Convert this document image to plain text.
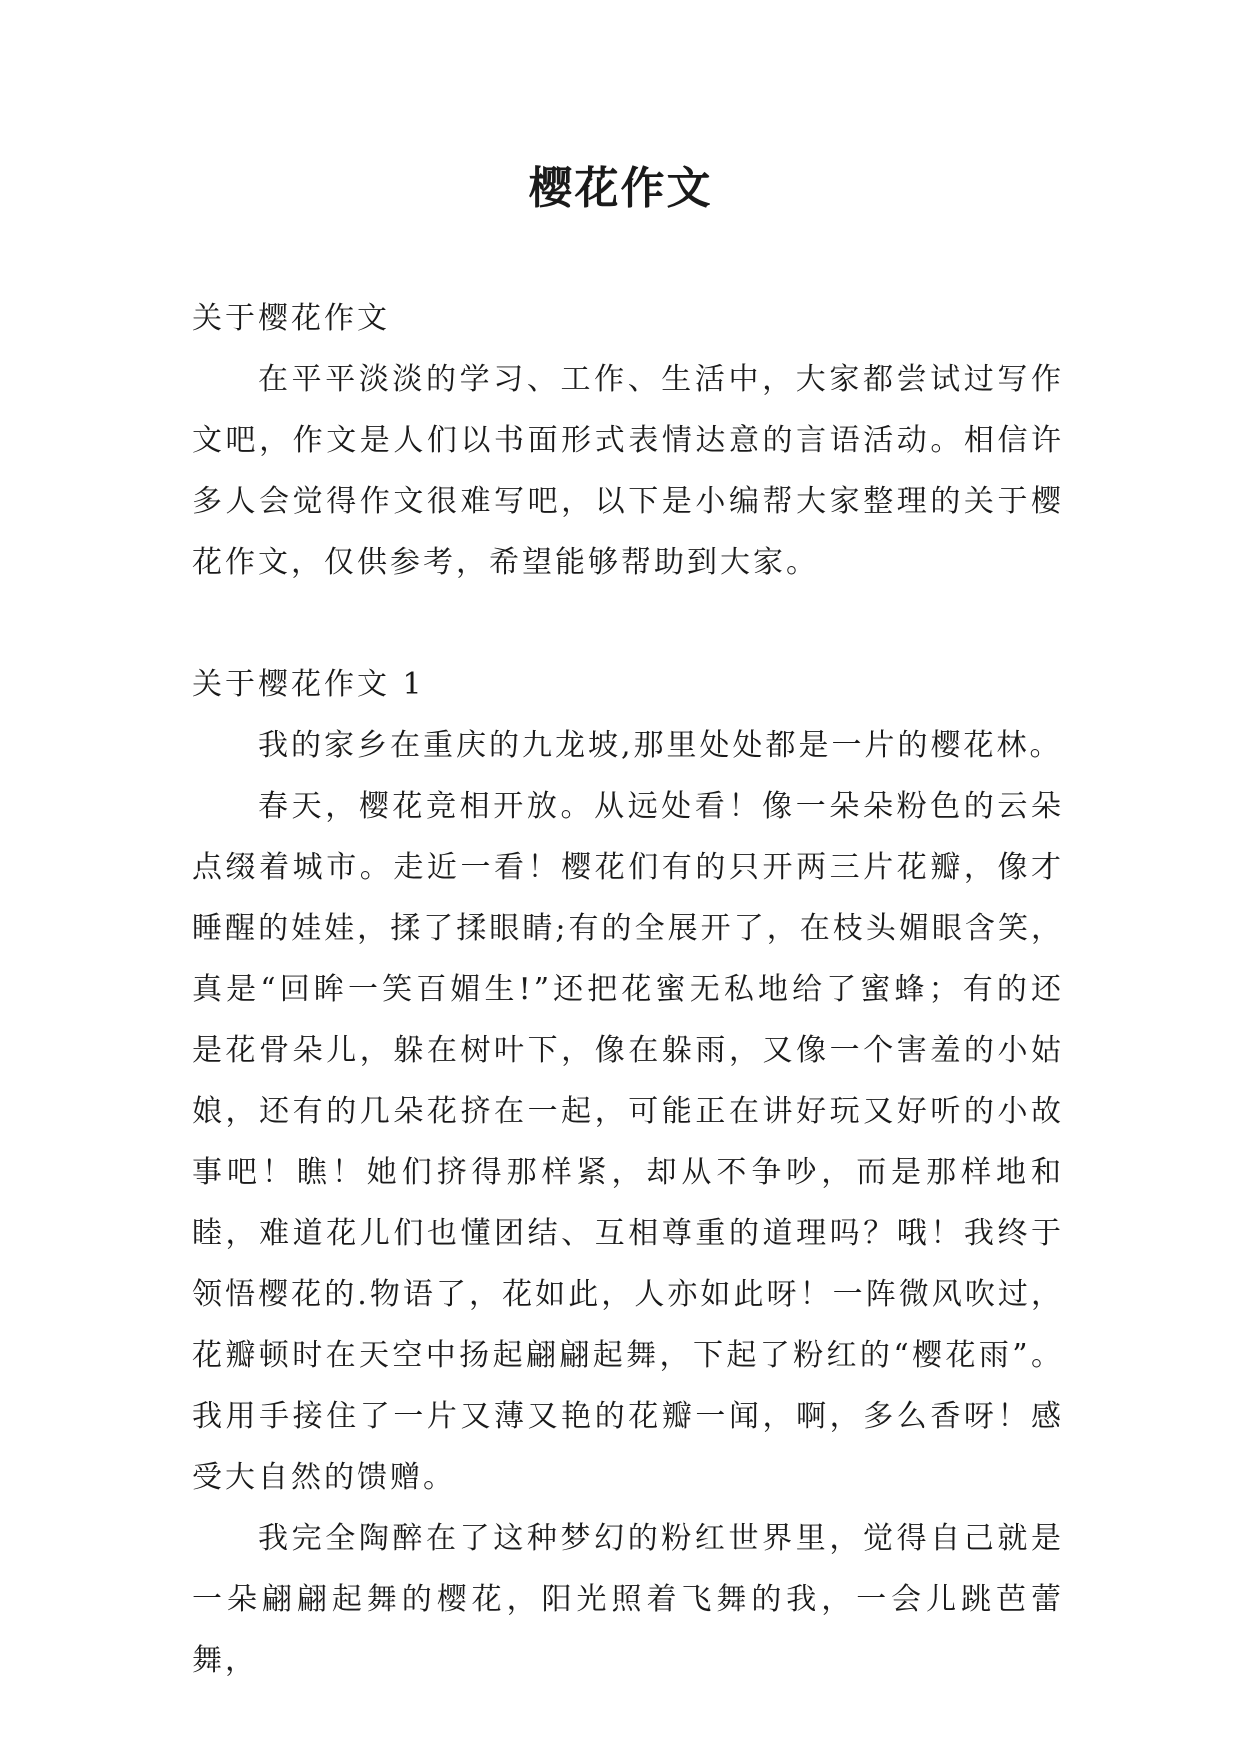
樱花作文

关于樱花作文

在平平淡淡的学习、工作、生活中，大家都尝试过写作文吧，作文是人们以书面形式表情达意的言语活动。相信许多人会觉得作文很难写吧，以下是小编帮大家整理的关于樱花作文，仅供参考，希望能够帮助到大家。

关于樱花作文 1

我的家乡在重庆的九龙坡,那里处处都是一片的樱花林。

春天，樱花竞相开放。从远处看！像一朵朵粉色的云朵点缀着城市。走近一看！樱花们有的只开两三片花瓣，像才睡醒的娃娃，揉了揉眼睛;有的全展开了，在枝头媚眼含笑，真是“回眸一笑百媚生!”还把花蜜无私地给了蜜蜂；有的还是花骨朵儿，躲在树叶下，像在躲雨，又像一个害羞的小姑娘，还有的几朵花挤在一起，可能正在讲好玩又好听的小故事吧！瞧！她们挤得那样紧，却从不争吵，而是那样地和睦，难道花儿们也懂团结、互相尊重的道理吗？哦！我终于领悟樱花的.物语了，花如此，人亦如此呀！一阵微风吹过，花瓣顿时在天空中扬起翩翩起舞，下起了粉红的“樱花雨”。我用手接住了一片又薄又艳的花瓣一闻，啊，多么香呀！感受大自然的馈赠。

我完全陶醉在了这种梦幻的粉红世界里，觉得自己就是一朵翩翩起舞的樱花，阳光照着飞舞的我，一会儿跳芭蕾舞，
